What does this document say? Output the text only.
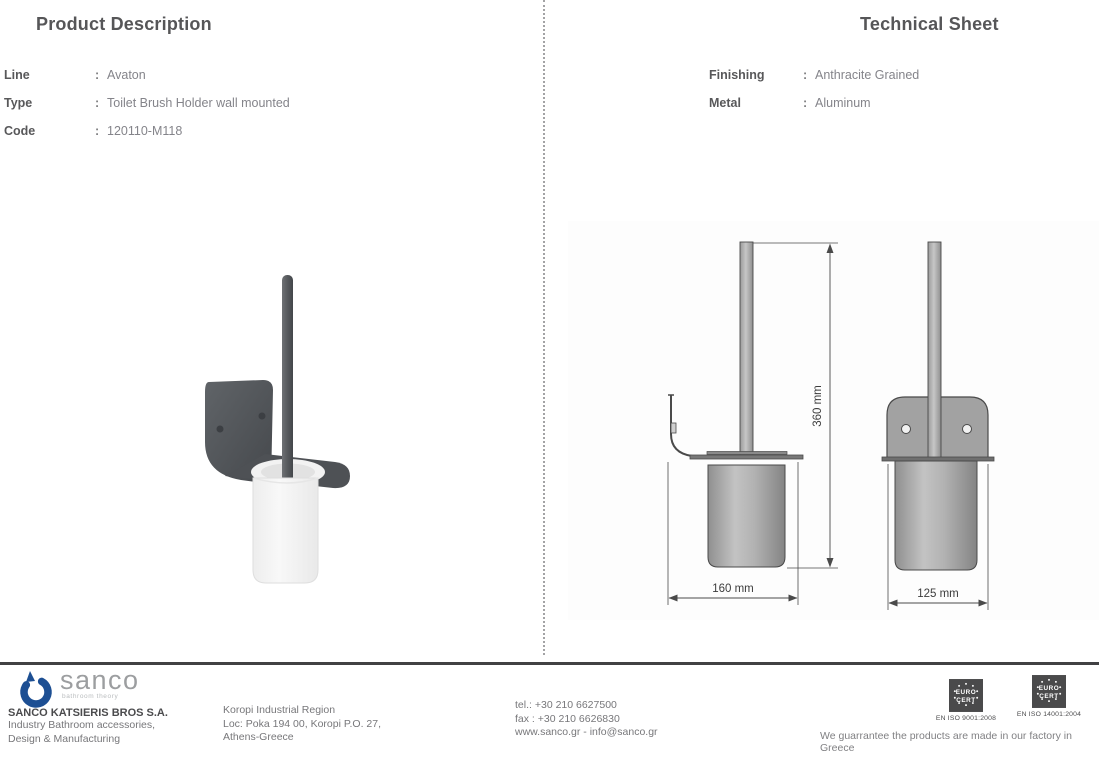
Product Description
Line	: Avaton
Type	: Toilet Brush Holder wall mounted
Code	: 120110-M118
Technical Sheet
Finishing	: Anthracite Grained
Metal	: Aluminum
360 mm
160 mm	125 mm
sanco
bathroom theory
SANCO KATSIERIS BROS S.A.
Industry Bathroom accessories,
Design & Manufacturing
Koropi Industrial Region
Loc: Poka 194 00, Koropi P.O. 27,
Athens-Greece
tel.: +30 210 6627500
fax : +30 210 6626830
www.sanco.gr - info@sanco.gr
EURO
CERT
EN ISO 9001:2008
EURO
CERT
EN ISO 14001:2004
We guarrantee the products are made in our factory in Greece
